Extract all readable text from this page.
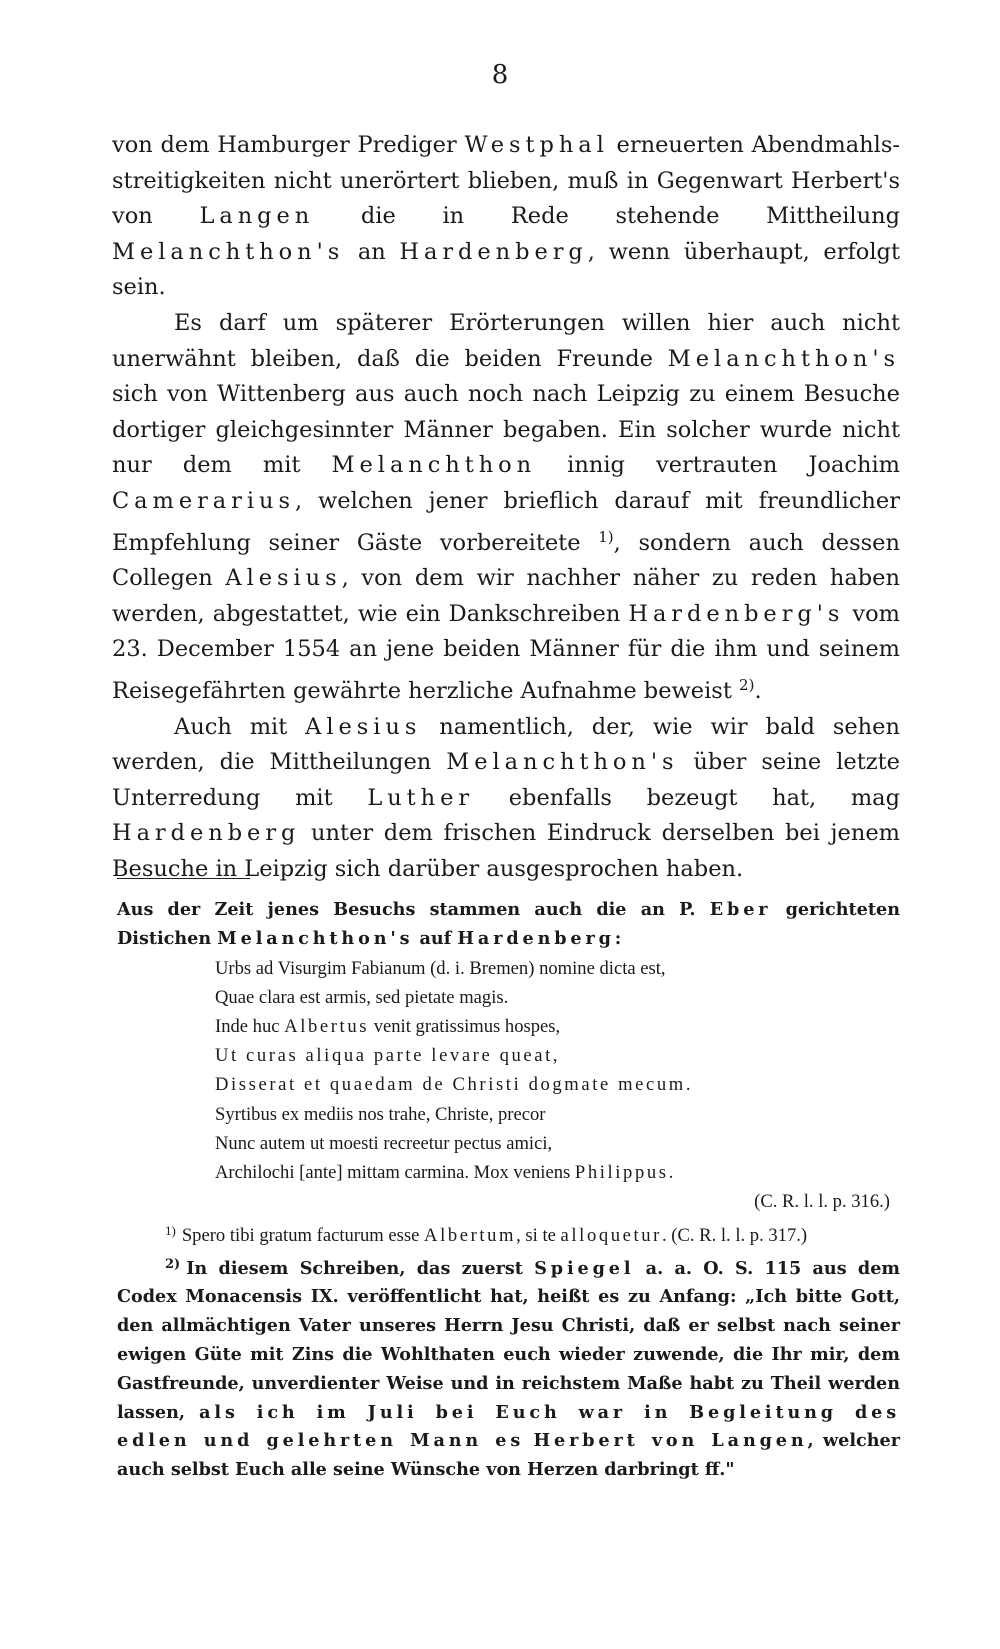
8

von dem Hamburger Prediger Westphal erneuerten Abendmahls-streitigkeiten nicht unerörtert blieben, muß in Gegenwart Herbert's von Langen die in Rede stehende Mittheilung Melanchthon's an Hardenberg, wenn überhaupt, erfolgt sein.

Es darf um späterer Erörterungen willen hier auch nicht unerwähnt bleiben, daß die beiden Freunde Melanchthon's sich von Wittenberg aus auch noch nach Leipzig zu einem Besuche dortiger gleichgesinnter Männer begaben. Ein solcher wurde nicht nur dem mit Melanchthon innig vertrauten Joachim Camerarius, welchen jener brieflich darauf mit freundlicher Empfehlung seiner Gäste vorbereitete $^{1)}$, sondern auch dessen Collegen Alesius, von dem wir nachher näher zu reden haben werden, abgestattet, wie ein Dankschreiben Hardenberg's vom 23. December 1554 an jene beiden Männer für die ihm und seinem Reisegefährten gewährte herzliche Aufnahme beweist $^{2)}$.

Auch mit Alesius namentlich, der, wie wir bald sehen werden, die Mittheilungen Melanchthon's über seine letzte Unterredung mit Luther ebenfalls bezeugt hat, mag Hardenberg unter dem frischen Eindruck derselben bei jenem Besuche in Leipzig sich darüber ausgesprochen haben.

Aus der Zeit jenes Besuchs stammen auch die an P. Eber gerichteten Distichen Melanchthon's auf Hardenberg:

Urbs ad Visurgim Fabianum (d. i. Bremen) nomine dicta est,
Quae clara est armis, sed pietate magis.
Inde huc Albertus venit gratissimus hospes,
Ut curas aliqua parte levare queat,
Disserat et quaedam de Christi dogmate mecum.
Syrtibus ex mediis nos trahe, Christe, precor
Nunc autem ut moesti recreetur pectus amici,
Archilochi [ante] mittam carmina. Mox veniens Philippus.
(C. R. l. l. p. 316.)

$^{1)}$ Spero tibi gratum facturum esse Albertum, si te alloquetur. (C. R. l. l. p. 317.)

$^{2)}$ In diesem Schreiben, das zuerst Spiegel a. a. O. S. 115 aus dem Codex Monacensis IX. veröffentlicht hat, heißt es zu Anfang: „Ich bitte Gott, den allmächtigen Vater unseres Herrn Jesu Christi, daß er selbst nach seiner ewigen Güte mit Zins die Wohlthaten euch wieder zuwende, die Ihr mir, dem Gastfreunde, unverdienter Weise und in reichstem Maße habt zu Theil werden lassen, als ich im Juli bei Euch war in Begleitung des edlen und gelehrten Mann es Herbert von Langen, welcher auch selbst Euch alle seine Wünsche von Herzen darbringt ff."
